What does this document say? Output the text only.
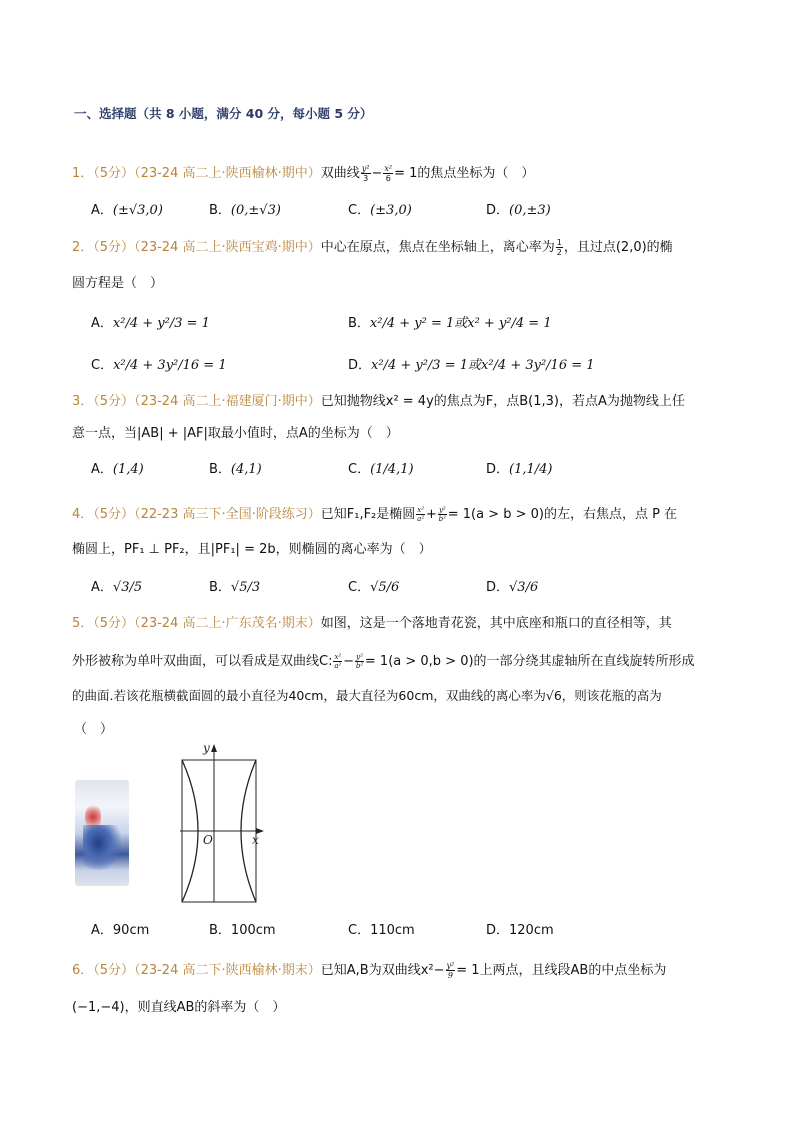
一、选择题（共 8 小题，满分 40 分，每小题 5 分）
1．（5分）（23-24 高二上·陕西榆林·期中）双曲线 $\frac{\text{y²}}{3} - \frac{\text{x²}}{6} = 1$的焦点坐标为（　）
A．(±√3,0)	B．(0,±√3)	C．(±3,0)	D．(0,±3)
2．（5分）（23-24 高二上·陕西宝鸡·期中）中心在原点，焦点在坐标轴上，离心率为 $\frac{1}{2}$ ，且过点(2,0)的椭
圆方程是（　）
A．x²/4 + y²/3 = 1	B．x²/4 + y² = 1或x² + y²/4 = 1
C．x²/4 + 3y²/16 = 1	D．x²/4 + y²/3 = 1或x²/4 + 3y²/16 = 1
3．（5分）（23-24 高二上·福建厦门·期中）已知抛物线x² = 4y的焦点为F，点B(1,3)，若点A为抛物线上任
意一点，当|AB| + |AF|取最小值时，点A的坐标为（　）
A．(1,4)	B．(4,1)	C．(1/4,1)	D．(1,1/4)
4．（5分）（22-23 高三下·全国·阶段练习）已知F₁,F₂是椭圆 $\frac{\text{x²}}{\text{a²}} + \frac{\text{y²}}{\text{b²}} = 1(a > b > 0)$的左，右焦点，点 P 在
椭圆上，PF₁ ⊥ PF₂，且|PF₁| = 2b，则椭圆的离心率为（　）
A．√3/5	B．√5/3	C．√5/6	D．√3/6
5．（5分）（23-24 高二上·广东茂名·期末）如图，这是一个落地青花瓷，其中底座和瓶口的直径相等，其
外形被称为单叶双曲面，可以看成是双曲线C: $\frac{\text{x²}}{\text{a²}} - \frac{\text{y²}}{\text{b²}} = 1(a > 0,b > 0)$的一部分绕其虚轴所在直线旋转所形成
的曲面.若该花瓶横截面圆的最小直径为40cm，最大直径为60cm，双曲线的离心率为√6，则该花瓶的高为
（　）
y
x
O
A．90cm	B．100cm	C．110cm	D．120cm
6．（5分）（23-24 高二下·陕西榆林·期末）已知A,B为双曲线$x^2- \frac{\text{y²}}{9} = 1$上两点，且线段AB的中点坐标为
(−1,−4)，则直线AB的斜率为（　）
